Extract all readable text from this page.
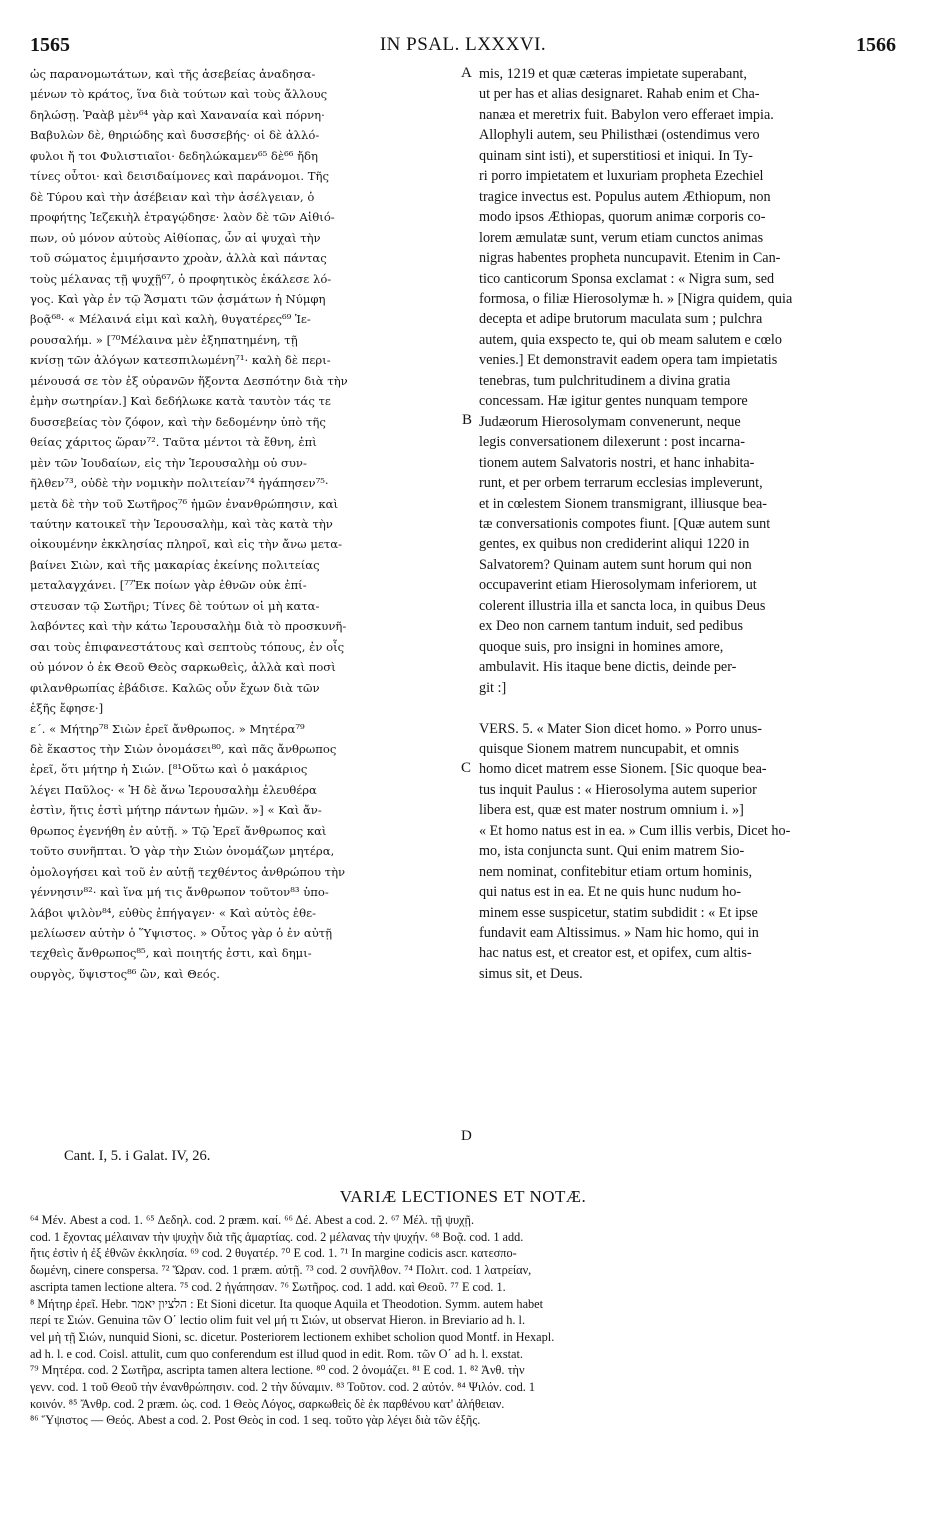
1565	IN PSAL. LXXXVI.	1566

ὡς παρανομωτάτων, καὶ τῆς ἀσεβείας ἀναδησα-

μένων τὸ κράτος, ἵνα διὰ τούτων καὶ τοὺς ἄλλους

δηλώσῃ. Ῥαὰβ μὲν⁶⁴ γὰρ καὶ Χαναναία καὶ πόρνη·

Βαβυλὼν δὲ, θηριώδης καὶ δυσσεβής· οἱ δὲ ἀλλό-

φυλοι ἤ τοι Φυλιστιαῖοι· δεδηλώκαμεν⁶⁵ δὲ⁶⁶ ἤδη

τίνες οὗτοι· καὶ δεισιδαίμονες καὶ παράνομοι. Τῆς

δὲ Τύρου καὶ τὴν ἀσέβειαν καὶ τὴν ἀσέλγειαν, ὁ

προφήτης Ἰεζεκιὴλ ἐτραγῴδησε· λαὸν δὲ τῶν Αἰθιό-

πων, οὐ μόνον αὐτοὺς Αἰθίοπας, ὧν αἱ ψυχαὶ τὴν

τοῦ σώματος ἐμιμήσαντο χροὰν, ἀλλὰ καὶ πάντας

τοὺς μέλανας τῇ ψυχῇ⁶⁷, ὁ προφητικὸς ἐκάλεσε λό-

γος. Καὶ γὰρ ἐν τῷ Ἄσματι τῶν ᾀσμάτων ἡ Νύμφη

βοᾷ⁶⁸· « Μέλαινά εἰμι καὶ καλὴ, θυγατέρες⁶⁹ Ἱε-

ρουσαλήμ. » [⁷⁰Μέλαινα μὲν ἐξηπατημένη, τῇ

κνίσῃ τῶν ἀλόγων κατεσπιλωμένη⁷¹· καλὴ δὲ περι-

μένουσά σε τὸν ἐξ οὐρανῶν ἥξοντα Δεσπότην διὰ τὴν

ἐμὴν σωτηρίαν.] Καὶ δεδήλωκε κατὰ ταυτὸν τάς τε

δυσσεβείας τὸν ζόφον, καὶ τὴν δεδομένην ὑπὸ τῆς

θείας χάριτος ὥραν⁷². Ταῦτα μέντοι τὰ ἔθνη, ἐπὶ

μὲν τῶν Ἰουδαίων, εἰς τὴν Ἱερουσαλὴμ οὐ συν-

ῆλθεν⁷³, οὐδὲ τὴν νομικὴν πολιτείαν⁷⁴ ἠγάπησεν⁷⁵·

μετὰ δὲ τὴν τοῦ Σωτῆρος⁷⁶ ἡμῶν ἐνανθρώπησιν, καὶ

ταύτην κατοικεῖ τὴν Ἱερουσαλὴμ, καὶ τὰς κατὰ τὴν

οἰκουμένην ἐκκλησίας πληροῖ, καὶ εἰς τὴν ἄνω μετα-

βαίνει Σιὼν, καὶ τῆς μακαρίας ἐκείνης πολιτείας

μεταλαγχάνει. [⁷⁷Ἐκ ποίων γὰρ ἐθνῶν οὐκ ἐπί-

στευσαν τῷ Σωτῆρι; Τίνες δὲ τούτων οἱ μὴ κατα-

λαβόντες καὶ τὴν κάτω Ἱερουσαλὴμ διὰ τὸ προσκυνῆ-

σαι τοὺς ἐπιφανεστάτους καὶ σεπτοὺς τόπους, ἐν οἷς

οὐ μόνον ὁ ἐκ Θεοῦ Θεὸς σαρκωθεὶς, ἀλλὰ καὶ ποσὶ

φιλανθρωπίας ἐβάδισε. Καλῶς οὖν ἔχων διὰ τῶν

ἑξῆς ἔφησε·]

ε΄. « Μήτηρ⁷⁸ Σιὼν ἐρεῖ ἄνθρωπος. » Μητέρα⁷⁹

δὲ ἕκαστος τὴν Σιὼν ὀνομάσει⁸⁰, καὶ πᾶς ἄνθρωπος

ἐρεῖ, ὅτι μήτηρ ἡ Σιών. [⁸¹Οὕτω καὶ ὁ μακάριος

λέγει Παῦλος· « Ἡ δὲ ἄνω Ἱερουσαλὴμ ἐλευθέρα

ἐστὶν, ἥτις ἐστὶ μήτηρ πάντων ἡμῶν. »] « Καὶ ἄν-

θρωπος ἐγενήθη ἐν αὐτῇ. » Τῷ Ἐρεῖ ἄνθρωπος καὶ

τοῦτο συνῆπται. Ὁ γὰρ τὴν Σιὼν ὀνομάζων μητέρα,

ὁμολογήσει καὶ τοῦ ἐν αὐτῇ τεχθέντος ἀνθρώπου τὴν

γέννησιν⁸²· καὶ ἵνα μή τις ἄνθρωπον τοῦτον⁸³ ὑπο-

λάβοι ψιλὸν⁸⁴, εὐθὺς ἐπήγαγεν· « Καὶ αὐτὸς ἐθε-

μελίωσεν αὐτὴν ὁ Ὕψιστος. » Οὗτος γὰρ ὁ ἐν αὐτῇ

τεχθεὶς ἄνθρωπος⁸⁵, καὶ ποιητής ἐστι, καὶ δημι-

ουργὸς, ὕψιστος⁸⁶ ὢν, καὶ Θεός.

mis, 1219 et quæ cæteras impietate superabant,

ut per has et alias designaret. Rahab enim et Cha-

nanæa et meretrix fuit. Babylon vero efferaet impia.

Allophyli autem, seu Philisthæi (ostendimus vero

quinam sint isti), et superstitiosi et iniqui. In Ty-

ri porro impietatem et luxuriam propheta Ezechiel

tragice invectus est. Populus autem Æthiopum, non

modo ipsos Æthiopas, quorum animæ corporis co-

lorem æmulatæ sunt, verum etiam cunctos animas

nigras habentes propheta nuncupavit. Etenim in Can-

tico canticorum Sponsa exclamat : « Nigra sum, sed

formosa, o filiæ Hierosolymæ h. » [Nigra quidem, quia

decepta et adipe brutorum maculata sum ; pulchra

autem, quia exspecto te, qui ob meam salutem e cœlo

venies.] Et demonstravit eadem opera tam impietatis

tenebras, tum pulchritudinem a divina gratia

concessam. Hæ igitur gentes nunquam tempore

Judæorum Hierosolymam convenerunt, neque

legis conversationem dilexerunt : post incarna-

tionem autem Salvatoris nostri, et hanc inhabita-

runt, et per orbem terrarum ecclesias impleverunt,

et in cœlestem Sionem transmigrant, illiusque bea-

tæ conversationis compotes fiunt. [Quæ autem sunt

gentes, ex quibus non crediderint aliqui 1220 in

Salvatorem? Quinam autem sunt horum qui non

occupaverint etiam Hierosolymam inferiorem, ut

colerent illustria illa et sancta loca, in quibus Deus

ex Deo non carnem tantum induit, sed pedibus

quoque suis, pro insigni in homines amore,

ambulavit. His itaque bene dictis, deinde per-

git :]

VERS. 5. « Mater Sion dicet homo. » Porro unus-

quisque Sionem matrem nuncupabit, et omnis

homo dicet matrem esse Sionem. [Sic quoque bea-

tus inquit Paulus : « Hierosolyma autem superior

libera est, quæ est mater nostrum omnium i. »]

« Et homo natus est in ea. » Cum illis verbis, Dicet ho-

mo, ista conjuncta sunt. Qui enim matrem Sio-

nem nominat, confitebitur etiam ortum hominis,

qui natus est in ea. Et ne quis hunc nudum ho-

minem esse suspicetur, statim subdidit : « Et ipse

fundavit eam Altissimus. » Nam hic homo, qui in

hac natus est, et creator est, et opifex, cum altis-

simus sit, et Deus.

A
B
C
D
Cant. I, 5. i Galat. IV, 26.
VARIÆ LECTIONES ET NOTÆ.

⁶⁴ Μέν. Abest a cod. 1. ⁶⁵ Δεδηλ. cod. 2 præm. καί. ⁶⁶ Δέ. Abest a cod. 2. ⁶⁷ Μέλ. τῇ ψυχῇ.

cod. 1 ἔχοντας μέλαιναν τὴν ψυχὴν διὰ τῆς ἁμαρτίας. cod. 2 μέλανας τὴν ψυχήν. ⁶⁸ Βοᾷ. cod. 1 add.

ἥτις ἐστὶν ἡ ἐξ ἐθνῶν ἐκκλησία. ⁶⁹ cod. 2 θυγατέρ. ⁷⁰ E cod. 1. ⁷¹ In margine codicis ascr. κατεσπο-

δωμένη, cinere conspersa. ⁷² Ὥραν. cod. 1 præm. αὐτῇ. ⁷³ cod. 2 συνῆλθον. ⁷⁴ Πολιτ. cod. 1 λατρείαν,

ascripta tamen lectione altera. ⁷⁵ cod. 2 ἠγάπησαν. ⁷⁶ Σωτῆρος. cod. 1 add. καὶ Θεοῦ. ⁷⁷ E cod. 1.

⁸ Μήτηρ ἐρεῖ. Hebr. הלציון יאמר : Et Sioni dicetur. Ita quoque Aquila et Theodotion. Symm. autem habet

περί τε Σιών. Genuina τῶν Ο΄ lectio olim fuit vel μή τι Σιών, ut observat Hieron. in Breviario ad h. l.

vel μὴ τῇ Σιών, nunquid Sioni, sc. dicetur. Posteriorem lectionem exhibet scholion quod Montf. in Hexapl.

ad h. l. e cod. Coisl. attulit, cum quo conferendum est illud quod in edit. Rom. τῶν Ο΄ ad h. l. exstat.

⁷⁹ Μητέρα. cod. 2 Σωτῆρα, ascripta tamen altera lectione. ⁸⁰ cod. 2 ὀνομάζει. ⁸¹ E cod. 1. ⁸² Ἀνθ. τὴν

γενν. cod. 1 τοῦ Θεοῦ τὴν ἐνανθρώπησιν. cod. 2 τὴν δύναμιν. ⁸³ Τοῦτον. cod. 2 αὐτόν. ⁸⁴ Ψιλόν. cod. 1

κοινόν. ⁸⁵ Ἄνθρ. cod. 2 præm. ὡς. cod. 1 Θεὸς Λόγος, σαρκωθεὶς δὲ ἐκ παρθένου κατ' ἀλήθειαν.

⁸⁶ Ὕψιστος — Θεός. Abest a cod. 2. Post Θεὸς in cod. 1 seq. τοῦτο γὰρ λέγει διὰ τῶν ἑξῆς.
